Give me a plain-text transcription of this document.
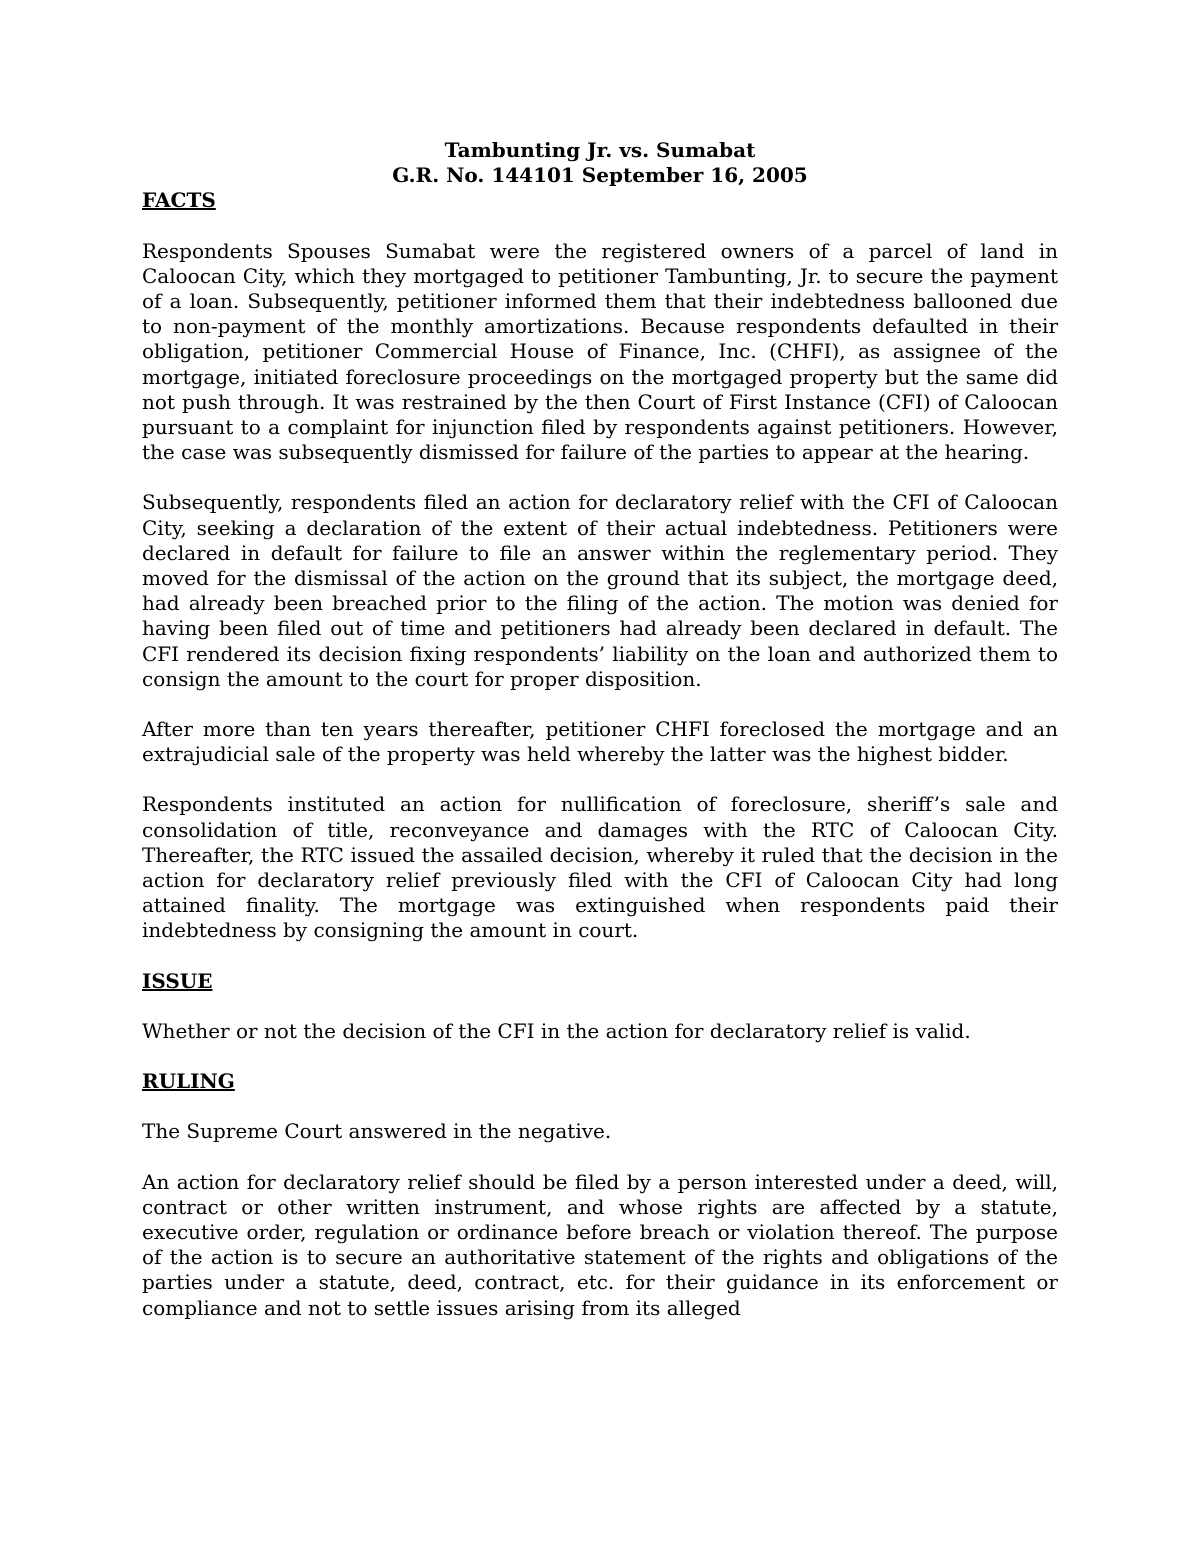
Tambunting Jr. vs. Sumabat

G.R. No. 144101 September 16, 2005

FACTS

Respondents Spouses Sumabat were the registered owners of a parcel of land in Caloocan City, which they mortgaged to petitioner Tambunting, Jr. to secure the payment of a loan. Subsequently, petitioner informed them that their indebtedness ballooned due to non-payment of the monthly amortizations. Because respondents defaulted in their obligation, petitioner Commercial House of Finance, Inc. (CHFI), as assignee of the mortgage, initiated foreclosure proceedings on the mortgaged property but the same did not push through. It was restrained by the then Court of First Instance (CFI) of Caloocan pursuant to a complaint for injunction filed by respondents against petitioners. However, the case was subsequently dismissed for failure of the parties to appear at the hearing.

Subsequently, respondents filed an action for declaratory relief with the CFI of Caloocan City, seeking a declaration of the extent of their actual indebtedness. Petitioners were declared in default for failure to file an answer within the reglementary period. They moved for the dismissal of the action on the ground that its subject, the mortgage deed, had already been breached prior to the filing of the action. The motion was denied for having been filed out of time and petitioners had already been declared in default. The CFI rendered its decision fixing respondents’ liability on the loan and authorized them to consign the amount to the court for proper disposition.

After more than ten years thereafter, petitioner CHFI foreclosed the mortgage and an extrajudicial sale of the property was held whereby the latter was the highest bidder.

Respondents instituted an action for nullification of foreclosure, sheriff’s sale and consolidation of title, reconveyance and damages with the RTC of Caloocan City. Thereafter, the RTC issued the assailed decision, whereby it ruled that the decision in the action for declaratory relief previously filed with the CFI of Caloocan City had long attained finality. The mortgage was extinguished when respondents paid their indebtedness by consigning the amount in court.

ISSUE

Whether or not the decision of the CFI in the action for declaratory relief is valid.

RULING

The Supreme Court answered in the negative.

An action for declaratory relief should be filed by a person interested under a deed, will, contract or other written instrument, and whose rights are affected by a statute, executive order, regulation or ordinance before breach or violation thereof. The purpose of the action is to secure an authoritative statement of the rights and obligations of the parties under a statute, deed, contract, etc. for their guidance in its enforcement or compliance and not to settle issues arising from its alleged
